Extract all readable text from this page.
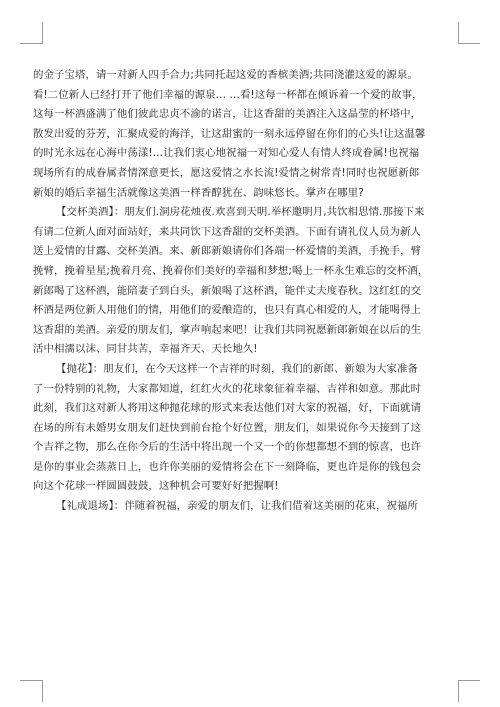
的金子宝塔，请一对新人四手合力;共同托起这爱的香槟美酒;共同浇灌这爱的源泉。
看!二位新人已经打开了他们幸福的源泉… …看!这每一杯都在倾诉着一个爱的故事，
这每一杯酒盛满了他们彼此忠贞不渝的诺言，让这香甜的美酒注入这晶莹的杯塔中，
散发出爱的芬芳，汇聚成爱的海洋，让这甜蜜的一刻永远停留在你们的心头!让这温馨
的时光永远在心海中荡漾!…让我们衷心地祝福一对知心爱人有情人终成眷属!也祝福
现场所有的成眷属者情深意更长，愿这爱情之水长流!爱情之树常青!同时也祝愿新郎
新娘的婚后幸福生活就像这美酒一样香醇犹在、韵味悠长。掌声在哪里?
【交杯美酒】：朋友们.洞房花烛夜.欢喜到天明.举杯邀明月,共饮相思情.那接下来
有请二位新人面对面站好，来共同饮下这香甜的交杯美酒。下面有请礼仪人员为新人
送上爱情的甘露、交杯美酒。来、新郎新娘请你们各端一杯爱情的美酒，手挽手，臂
挽臂，挽着星星;挽着月亮、挽着你们美好的幸福和梦想;喝上一杯永生难忘的交杯酒，
新郎喝了这杯酒，能陪妻子到白头，新娘喝了这杯酒，能伴丈夫度春秋。这红红的交
杯酒是两位新人用他们的情，用他们的爱酿造的，也只有真心相爱的人，才能喝得上
这香甜的美酒。亲爱的朋友们，掌声响起来吧！让我们共同祝愿新郎新娘在以后的生
活中相濡以沫、同甘共苦，幸福齐天、天长地久!
【抛花】：朋友们，在今天这样一个吉祥的时刻，我们的新郎、新娘为大家准备
了一份特别的礼物，大家都知道，红红火火的花球象征着幸福、吉祥和如意。那此时
此刻，我们这对新人将用这种抛花球的形式来表达他们对大家的祝福，好，下面就请
在场的所有未婚男女朋友们赶快到前台抢个好位置，朋友们，如果说你今天接到了这
个吉祥之物，那么在你今后的生活中将出现一个又一个的你想都想不到的惊喜，也许
是你的事业会蒸蒸日上，也许你美丽的爱情将会在下一刻降临，更也许是你的钱包会
向这个花球一样圆圆鼓鼓，这种机会可要好好把握啊!
【礼成退场】：伴随着祝福，亲爱的朋友们，让我们借着这美丽的花束，祝福所
